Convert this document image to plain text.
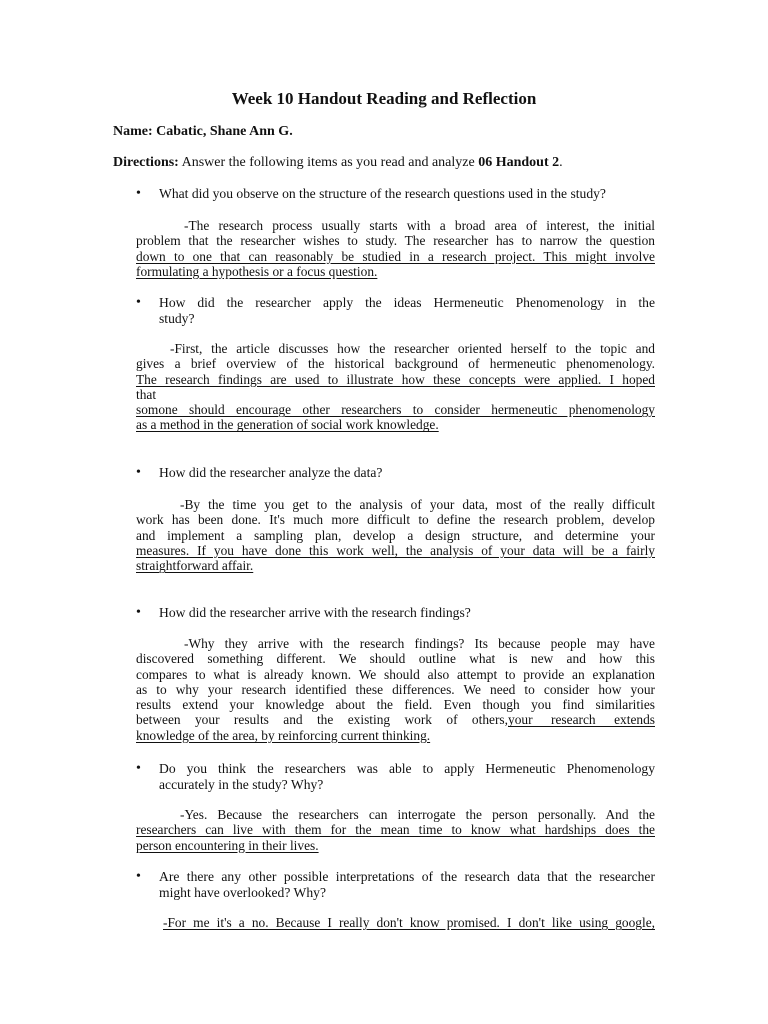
Week 10 Handout Reading and Reflection
Name: Cabatic, Shane Ann G.
Directions: Answer the following items as you read and analyze 06 Handout 2.
• What did you observe on the structure of the research questions used in the study?
-The research process usually starts with a broad area of interest, the initial
problem that the researcher wishes to study. The researcher has to narrow the question
down to one that can reasonably be studied in a research project. This might involve
formulating a hypothesis or a focus question.
• How did the researcher apply the ideas Hermeneutic Phenomenology in the
study?
-First, the article discusses how the researcher oriented herself to the topic and
gives a brief overview of the historical background of hermeneutic phenomenology.
The research findings are used to illustrate how these concepts were applied. I hoped
that
somone should encourage other researchers to consider hermeneutic phenomenology
as a method in the generation of social work knowledge.
• How did the researcher analyze the data?
-By the time you get to the analysis of your data, most of the really difficult
work has been done. It's much more difficult to define the research problem, develop
and implement a sampling plan, develop a design structure, and determine your
measures. If you have done this work well, the analysis of your data will be a fairly
straightforward affair.
• How did the researcher arrive with the research findings?
-Why they arrive with the research findings? Its because people may have
discovered something different. We should outline what is new and how this
compares to what is already known. We should also attempt to provide an explanation
as to why your research identified these differences. We need to consider how your
results extend your knowledge about the field. Even though you find similarities
between your results and the existing work of others, your research extends
knowledge of the area, by reinforcing current thinking.
• Do you think the researchers was able to apply Hermeneutic Phenomenology
accurately in the study? Why?
-Yes. Because the researchers can interrogate the person personally. And the
researchers can live with them for the mean time to know what hardships does the
person encountering in their lives.
• Are there any other possible interpretations of the research data that the researcher
might have overlooked? Why?
-For me it's a no. Because I really don't know promised. I don't like using google,
